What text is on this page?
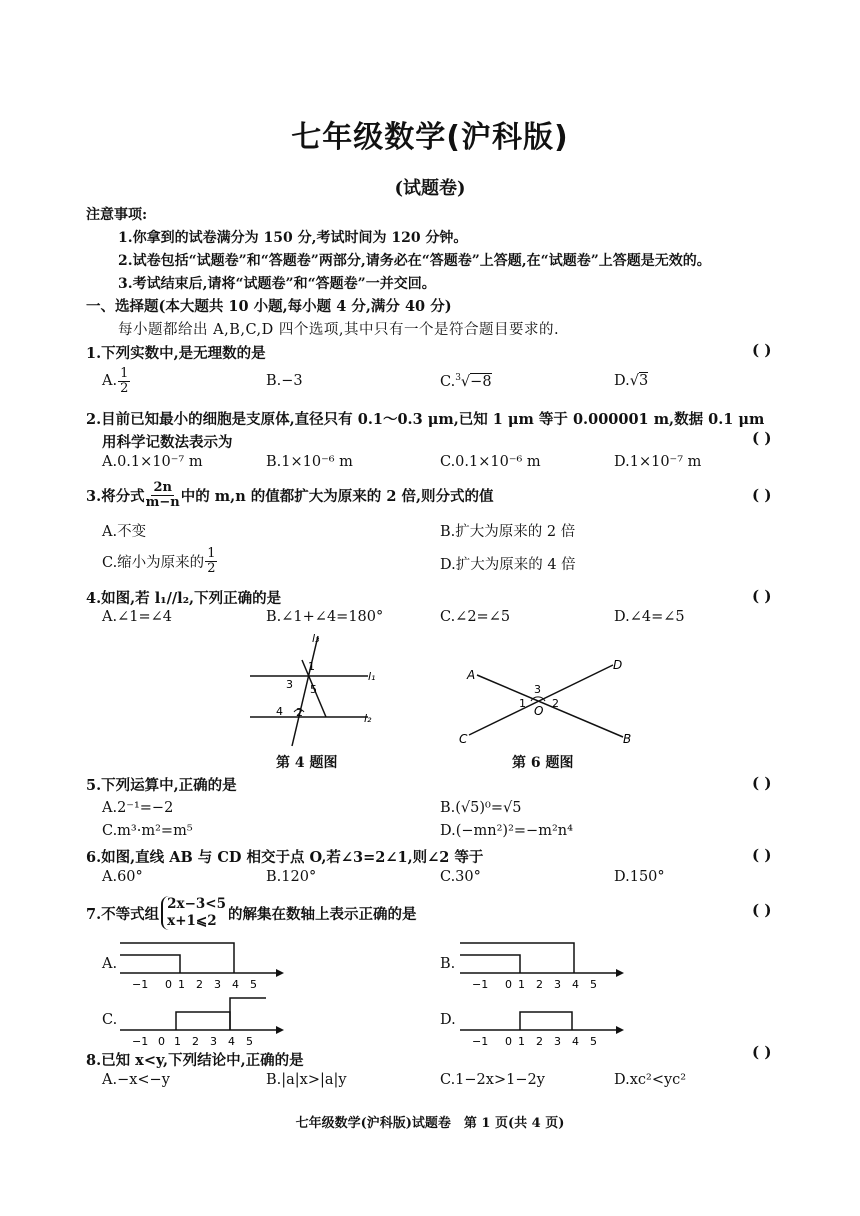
七年级数学(沪科版)
(试题卷)
注意事项:
1.你拿到的试卷满分为 150 分,考试时间为 120 分钟。
2.试卷包括“试题卷”和“答题卷”两部分,请务必在“答题卷”上答题,在“试题卷”上答题是无效的。
3.考试结束后,请将“试题卷”和“答题卷”一并交回。
一、选择题(本大题共 10 小题,每小题 4 分,满分 40 分)
每小题都给出 A,B,C,D 四个选项,其中只有一个是符合题目要求的.
1.下列实数中,是无理数的是	( )
A. $\frac{1}{2}$	B.−3	C.$^3$√−8	D.√3
2.目前已知最小的细胞是支原体,直径只有 0.1～0.3 μm,已知 1 μm 等于 0.000001 m,数据 0.1 μm
用科学记数法表示为	( )
A.0.1×10⁻⁷ m	B.1×10⁻⁶ m	C.0.1×10⁻⁶ m	D.1×10⁻⁷ m
3.将分式 $\frac{2n}{m-n}$ 中的 m,n 的值都扩大为原来的 2 倍,则分式的值	( )
A.不变	B.扩大为原来的 2 倍
C.缩小为原来的 $\frac{1}{2}$	D.扩大为原来的 4 倍
4.如图,若 l₁//l₂,下列正确的是	( )
A.∠1=∠4	B.∠1+∠4=180°	C.∠2=∠5	D.∠4=∠5
l₃
1
l₁
3 5
4 2	l₂
第 4 题图
A
D
3
1
O
2
C	B
第 6 题图
5.下列运算中,正确的是	( )
A.2⁻¹=−2	B.(√5)⁰=√5
C.m³·m²=m⁵	D.(−mn²)²=−m²n⁴
6.如图,直线 AB 与 CD 相交于点 O,若∠3=2∠1,则∠2 等于	( )
A.60°	B.120°	C.30°	D.150°
7.不等式组
2x−3<5
x+1⩽2 的解集在数轴上表示正确的是	( )
A.
−1 0 1 2 3 4 5
B.
−1 0 1 2 3 4 5
C.
−1 0 1 2 3 4 5
D.
−1 0 1 2 3 4 5
8.已知 x<y,下列结论中,正确的是	( )
A.−x<−y	B.|a|x>|a|y	C.1−2x>1−2y	D.xc²<yc²
七年级数学(沪科版)试题卷　第 1 页(共 4 页)
